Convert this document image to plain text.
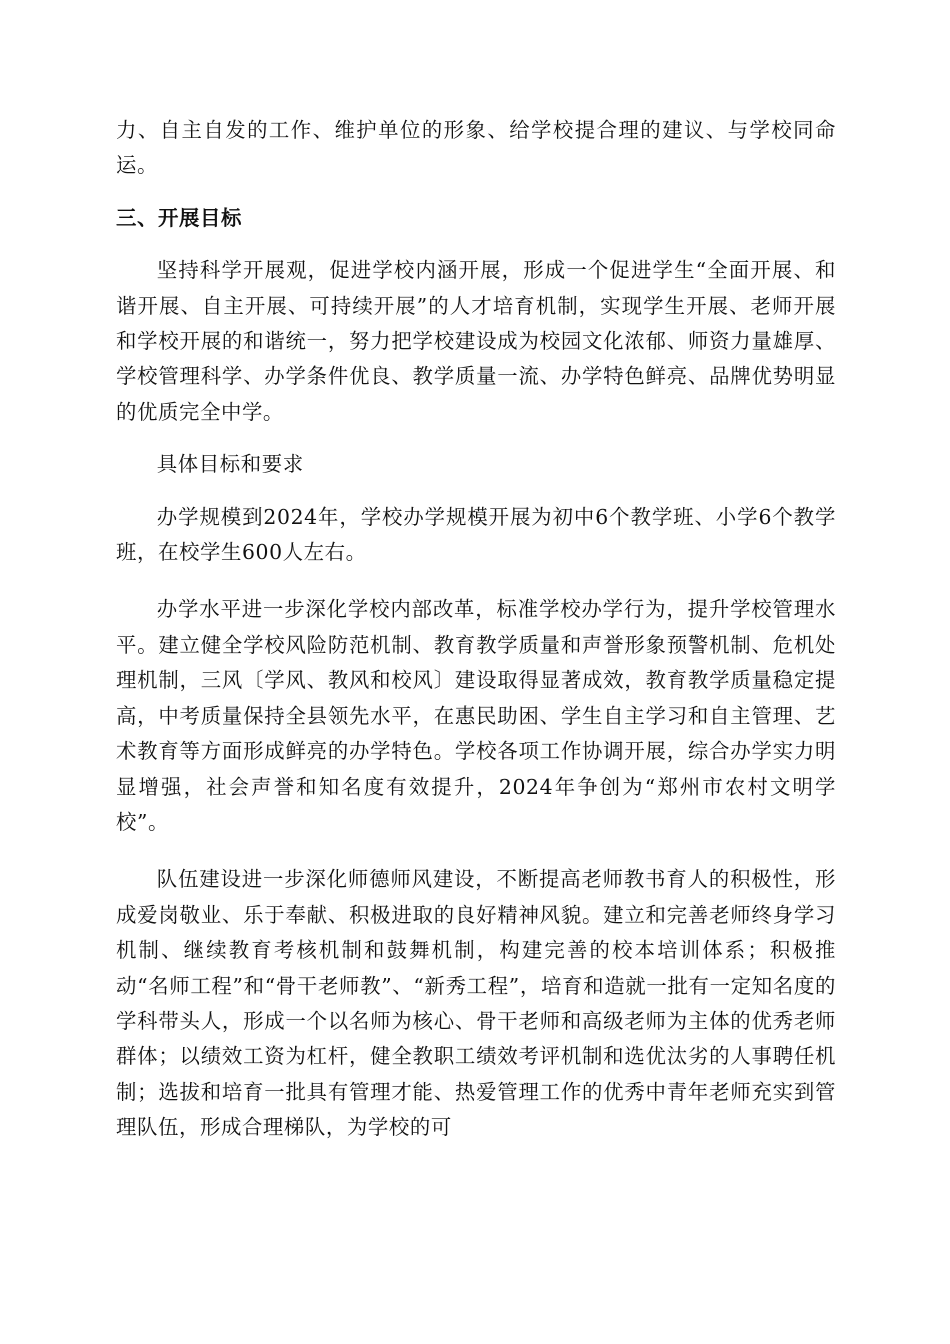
力、自主自发的工作、维护单位的形象、给学校提合理的建议、与学校同命运。

三、开展目标

坚持科学开展观，促进学校内涵开展，形成一个促进学生“全面开展、和谐开展、自主开展、可持续开展”的人才培育机制，实现学生开展、老师开展和学校开展的和谐统一，努力把学校建设成为校园文化浓郁、师资力量雄厚、学校管理科学、办学条件优良、教学质量一流、办学特色鲜亮、品牌优势明显的优质完全中学。

具体目标和要求

办学规模到2024年，学校办学规模开展为初中6个教学班、小学6个教学班，在校学生600人左右。

办学水平进一步深化学校内部改革，标准学校办学行为，提升学校管理水平。建立健全学校风险防范机制、教育教学质量和声誉形象预警机制、危机处理机制，三风〔学风、教风和校风〕建设取得显著成效，教育教学质量稳定提高，中考质量保持全县领先水平，在惠民助困、学生自主学习和自主管理、艺术教育等方面形成鲜亮的办学特色。学校各项工作协调开展，综合办学实力明显增强，社会声誉和知名度有效提升，2024年争创为“郑州市农村文明学校”。

队伍建设进一步深化师德师风建设，不断提高老师教书育人的积极性，形成爱岗敬业、乐于奉献、积极进取的良好精神风貌。建立和完善老师终身学习机制、继续教育考核机制和鼓舞机制，构建完善的校本培训体系；积极推动“名师工程”和“骨干老师教”、“新秀工程”，培育和造就一批有一定知名度的学科带头人，形成一个以名师为核心、骨干老师和高级老师为主体的优秀老师群体；以绩效工资为杠杆，健全教职工绩效考评机制和选优汰劣的人事聘任机制；选拔和培育一批具有管理才能、热爱管理工作的优秀中青年老师充实到管理队伍，形成合理梯队，为学校的可
